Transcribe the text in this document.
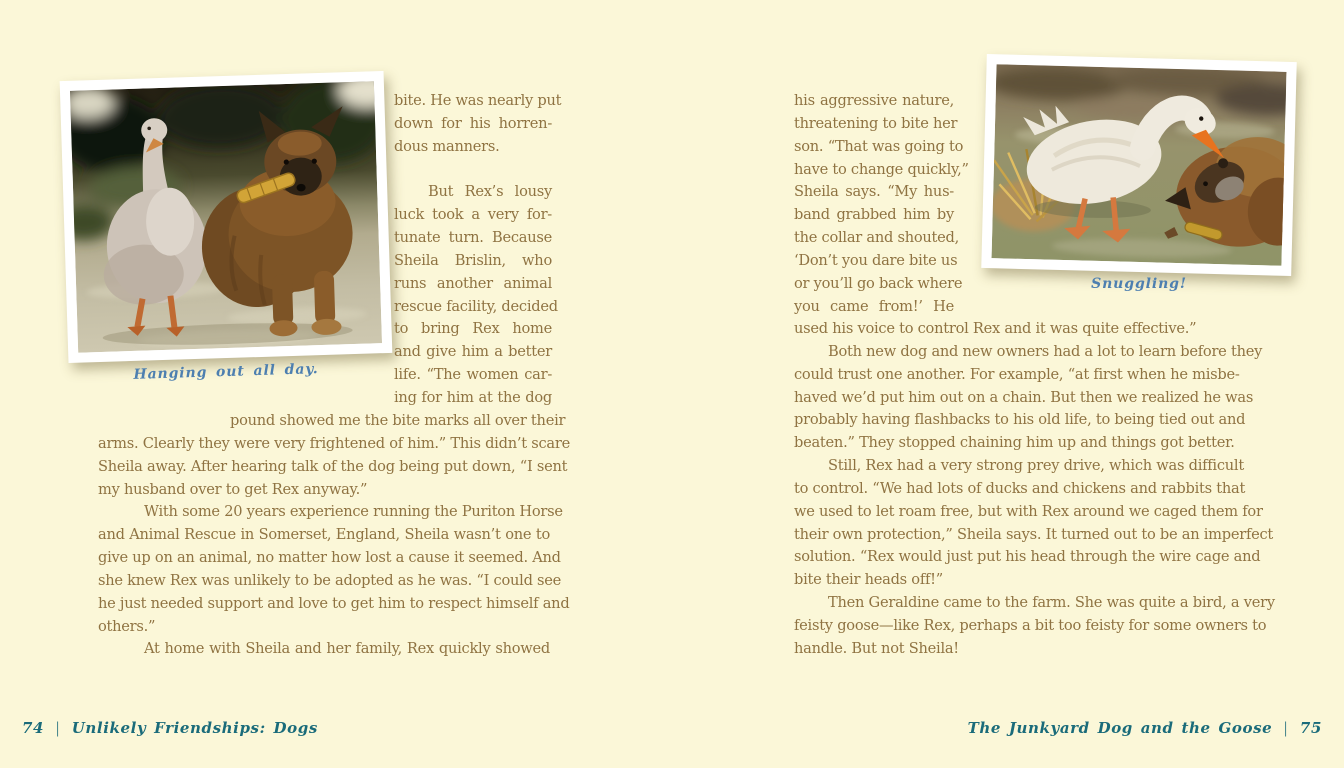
Hanging out all day.
bite. He was nearly put
down for his horren-
dous manners.
But Rex’s lousy
luck took a very for-
tunate turn. Because
Sheila Brislin, who
runs another animal
rescue facility, decided
to bring Rex home
and give him a better
life. “The women car-
ing for him at the dog
pound showed me the bite marks all over their
arms. Clearly they were very frightened of him.” This didn’t scare
Sheila away. After hearing talk of the dog being put down, “I sent
my husband over to get Rex anyway.”
With some 20 years experience running the Puriton Horse
and Animal Rescue in Somerset, England, Sheila wasn’t one to
give up on an animal, no matter how lost a cause it seemed. And
she knew Rex was unlikely to be adopted as he was. “I could see
he just needed support and love to get him to respect himself and
others.”
At home with Sheila and her family, Rex quickly showed
74 | Unlikely Friendships: Dogs
Snuggling!
his aggressive nature,
threatening to bite her
son. “That was going to
have to change quickly,”
Sheila says. “My hus-
band grabbed him by
the collar and shouted,
‘Don’t you dare bite us
or you’ll go back where
you came from!’ He
used his voice to control Rex and it was quite effective.”
Both new dog and new owners had a lot to learn before they
could trust one another. For example, “at first when he misbe-
haved we’d put him out on a chain. But then we realized he was
probably having flashbacks to his old life, to being tied out and
beaten.” They stopped chaining him up and things got better.
Still, Rex had a very strong prey drive, which was difficult
to control. “We had lots of ducks and chickens and rabbits that
we used to let roam free, but with Rex around we caged them for
their own protection,” Sheila says. It turned out to be an imperfect
solution. “Rex would just put his head through the wire cage and
bite their heads off!”
Then Geraldine came to the farm. She was quite a bird, a very
feisty goose—like Rex, perhaps a bit too feisty for some owners to
handle. But not Sheila!
The Junkyard Dog and the Goose | 75
